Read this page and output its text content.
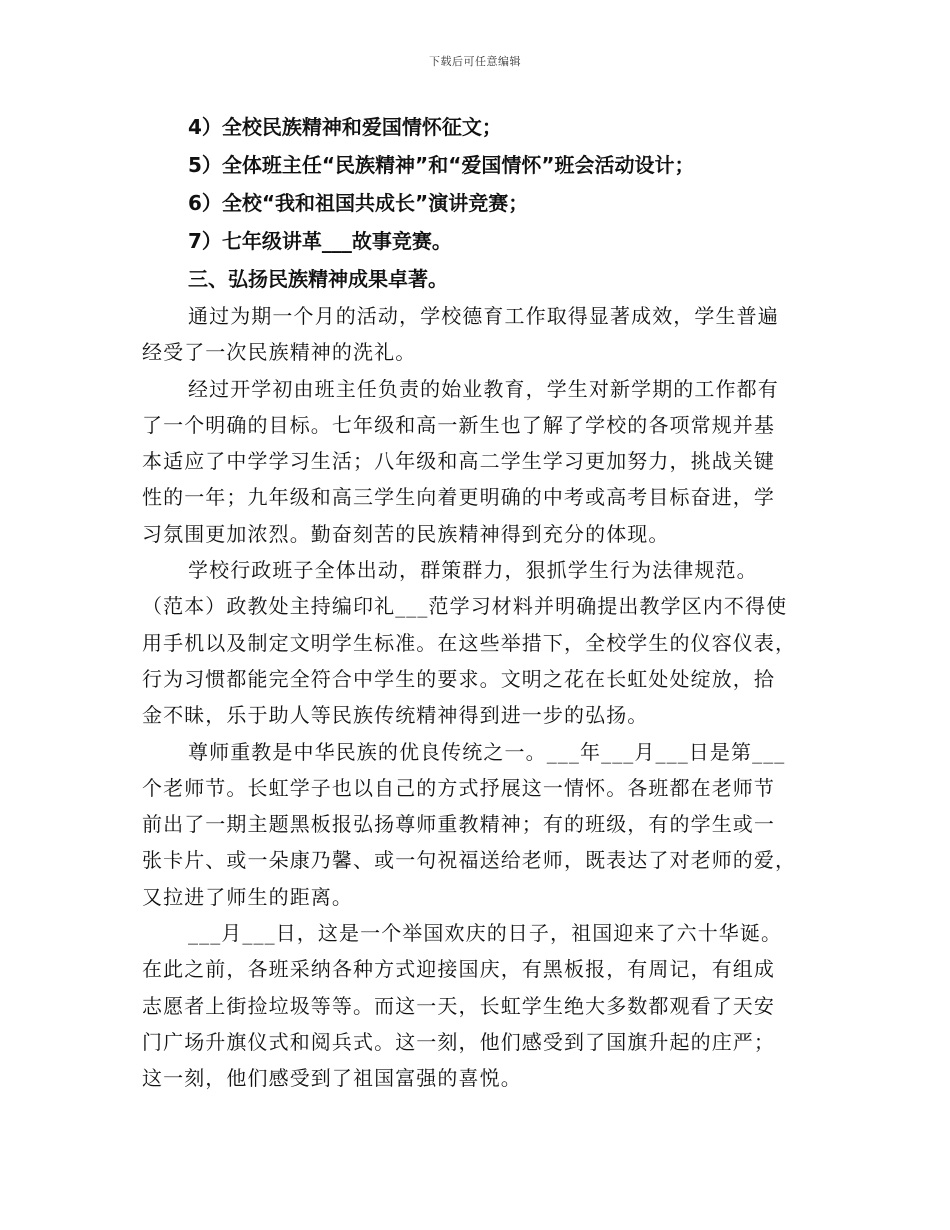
下载后可任意编辑
4）全校民族精神和爱国情怀征文；
5）全体班主任“民族精神”和“爱国情怀”班会活动设计；
6）全校“我和祖国共成长”演讲竞赛；
7）七年级讲革___故事竞赛。
三、弘扬民族精神成果卓著。
通过为期一个月的活动，学校德育工作取得显著成效，学生普遍
经受了一次民族精神的洗礼。
经过开学初由班主任负责的始业教育，学生对新学期的工作都有
了一个明确的目标。七年级和高一新生也了解了学校的各项常规并基
本适应了中学学习生活；八年级和高二学生学习更加努力，挑战关键
性的一年；九年级和高三学生向着更明确的中考或高考目标奋进，学
习氛围更加浓烈。勤奋刻苦的民族精神得到充分的体现。
学校行政班子全体出动，群策群力，狠抓学生行为法律规范。
（范本）政教处主持编印礼___范学习材料并明确提出教学区内不得使
用手机以及制定文明学生标准。在这些举措下，全校学生的仪容仪表，
行为习惯都能完全符合中学生的要求。文明之花在长虹处处绽放，拾
金不昧，乐于助人等民族传统精神得到进一步的弘扬。
尊师重教是中华民族的优良传统之一。___年___月___日是第___
个老师节。长虹学子也以自己的方式抒展这一情怀。各班都在老师节
前出了一期主题黑板报弘扬尊师重教精神；有的班级，有的学生或一
张卡片、或一朵康乃馨、或一句祝福送给老师，既表达了对老师的爱，
又拉进了师生的距离。
___月___日，这是一个举国欢庆的日子，祖国迎来了六十华诞。
在此之前，各班采纳各种方式迎接国庆，有黑板报，有周记，有组成
志愿者上街捡垃圾等等。而这一天，长虹学生绝大多数都观看了天安
门广场升旗仪式和阅兵式。这一刻，他们感受到了国旗升起的庄严；
这一刻，他们感受到了祖国富强的喜悦。
